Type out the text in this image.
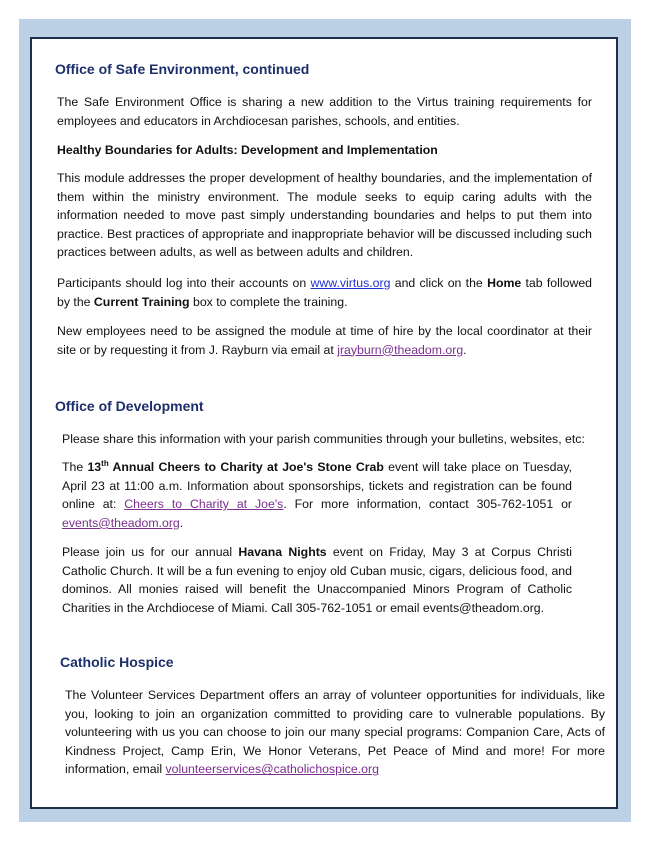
Office of Safe Environment, continued

The Safe Environment Office is sharing a new addition to the Virtus training requirements for employees and educators in Archdiocesan parishes, schools, and entities.

Healthy Boundaries for Adults: Development and Implementation

This module addresses the proper development of healthy boundaries, and the implementation of them within the ministry environment. The module seeks to equip caring adults with the information needed to move past simply understanding boundaries and helps to put them into practice. Best practices of appropriate and inappropriate behavior will be discussed including such practices between adults, as well as between adults and children.

Participants should log into their accounts on www.virtus.org and click on the Home tab followed by the Current Training box to complete the training.

New employees need to be assigned the module at time of hire by the local coordinator at their site or by requesting it from J. Rayburn via email at jrayburn@theadom.org.

Office of Development

Please share this information with your parish communities through your bulletins, websites, etc:

The 13th Annual Cheers to Charity at Joe's Stone Crab event will take place on Tuesday, April 23 at 11:00 a.m. Information about sponsorships, tickets and registration can be found online at: Cheers to Charity at Joe's. For more information, contact 305-762-1051 or events@theadom.org.

Please join us for our annual Havana Nights event on Friday, May 3 at Corpus Christi Catholic Church. It will be a fun evening to enjoy old Cuban music, cigars, delicious food, and dominos. All monies raised will benefit the Unaccompanied Minors Program of Catholic Charities in the Archdiocese of Miami. Call 305-762-1051 or email events@theadom.org.

Catholic Hospice

The Volunteer Services Department offers an array of volunteer opportunities for individuals, like you, looking to join an organization committed to providing care to vulnerable populations. By volunteering with us you can choose to join our many special programs: Companion Care, Acts of Kindness Project, Camp Erin, We Honor Veterans, Pet Peace of Mind and more! For more information, email volunteerservices@catholichospice.org
